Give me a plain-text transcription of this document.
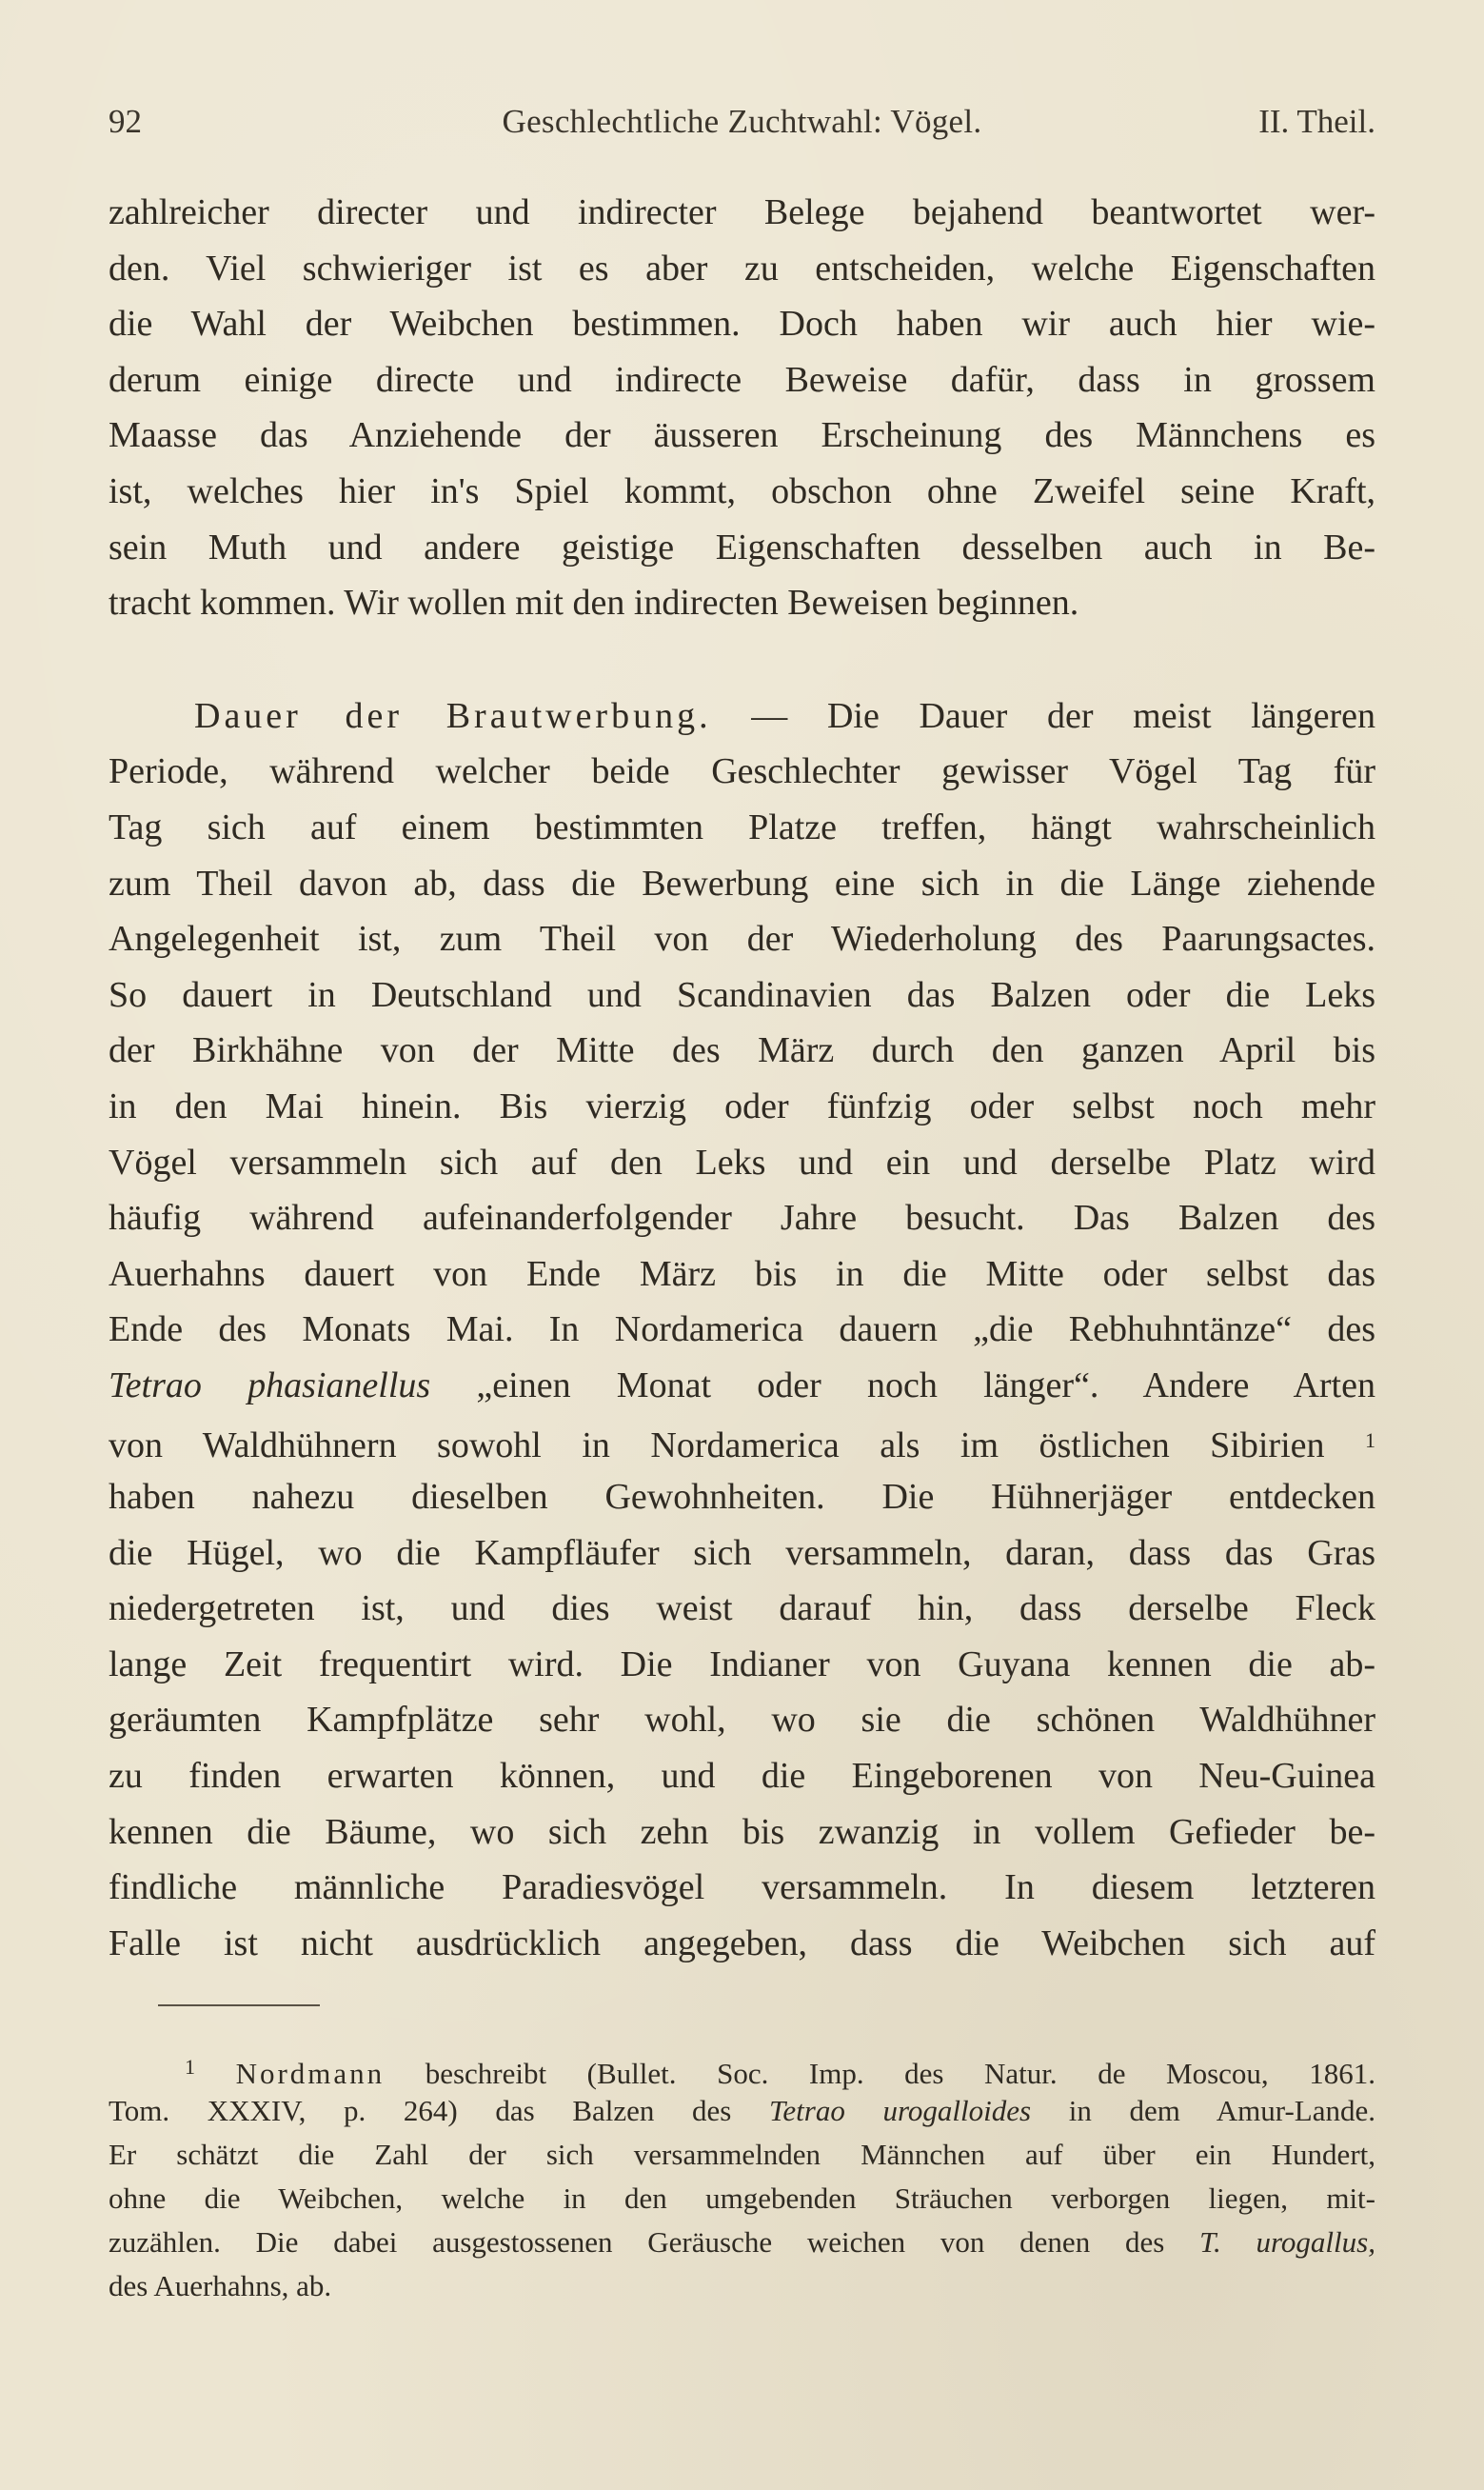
92	Geschlechtliche Zuchtwahl: Vögel.	II. Theil.
zahlreicher directer und indirecter Belege bejahend beantwortet wer-
den. Viel schwieriger ist es aber zu entscheiden, welche Eigenschaften
die Wahl der Weibchen bestimmen. Doch haben wir auch hier wie-
derum einige directe und indirecte Beweise dafür, dass in grossem
Maasse das Anziehende der äusseren Erscheinung des Männchens es
ist, welches hier in's Spiel kommt, obschon ohne Zweifel seine Kraft,
sein Muth und andere geistige Eigenschaften desselben auch in Be-
tracht kommen. Wir wollen mit den indirecten Beweisen beginnen.
Dauer der Brautwerbung. — Die Dauer der meist längeren
Periode, während welcher beide Geschlechter gewisser Vögel Tag für
Tag sich auf einem bestimmten Platze treffen, hängt wahrscheinlich
zum Theil davon ab, dass die Bewerbung eine sich in die Länge ziehende
Angelegenheit ist, zum Theil von der Wiederholung des Paarungsactes.
So dauert in Deutschland und Scandinavien das Balzen oder die Leks
der Birkhähne von der Mitte des März durch den ganzen April bis
in den Mai hinein. Bis vierzig oder fünfzig oder selbst noch mehr
Vögel versammeln sich auf den Leks und ein und derselbe Platz wird
häufig während aufeinanderfolgender Jahre besucht. Das Balzen des
Auerhahns dauert von Ende März bis in die Mitte oder selbst das
Ende des Monats Mai. In Nordamerica dauern „die Rebhuhntänze“ des
Tetrao phasianellus „einen Monat oder noch länger“. Andere Arten
von Waldhühnern sowohl in Nordamerica als im östlichen Sibirien $^1$
haben nahezu dieselben Gewohnheiten. Die Hühnerjäger entdecken
die Hügel, wo die Kampfläufer sich versammeln, daran, dass das Gras
niedergetreten ist, und dies weist darauf hin, dass derselbe Fleck
lange Zeit frequentirt wird. Die Indianer von Guyana kennen die ab-
geräumten Kampfplätze sehr wohl, wo sie die schönen Waldhühner
zu finden erwarten können, und die Eingeborenen von Neu-Guinea
kennen die Bäume, wo sich zehn bis zwanzig in vollem Gefieder be-
findliche männliche Paradiesvögel versammeln. In diesem letzteren
Falle ist nicht ausdrücklich angegeben, dass die Weibchen sich auf
$^1$ Nordmann beschreibt (Bullet. Soc. Imp. des Natur. de Moscou, 1861.
Tom. XXXIV, p. 264) das Balzen des Tetrao urogalloides in dem Amur-Lande.
Er schätzt die Zahl der sich versammelnden Männchen auf über ein Hundert,
ohne die Weibchen, welche in den umgebenden Sträuchen verborgen liegen, mit-
zuzählen. Die dabei ausgestossenen Geräusche weichen von denen des T. urogallus,
des Auerhahns, ab.
